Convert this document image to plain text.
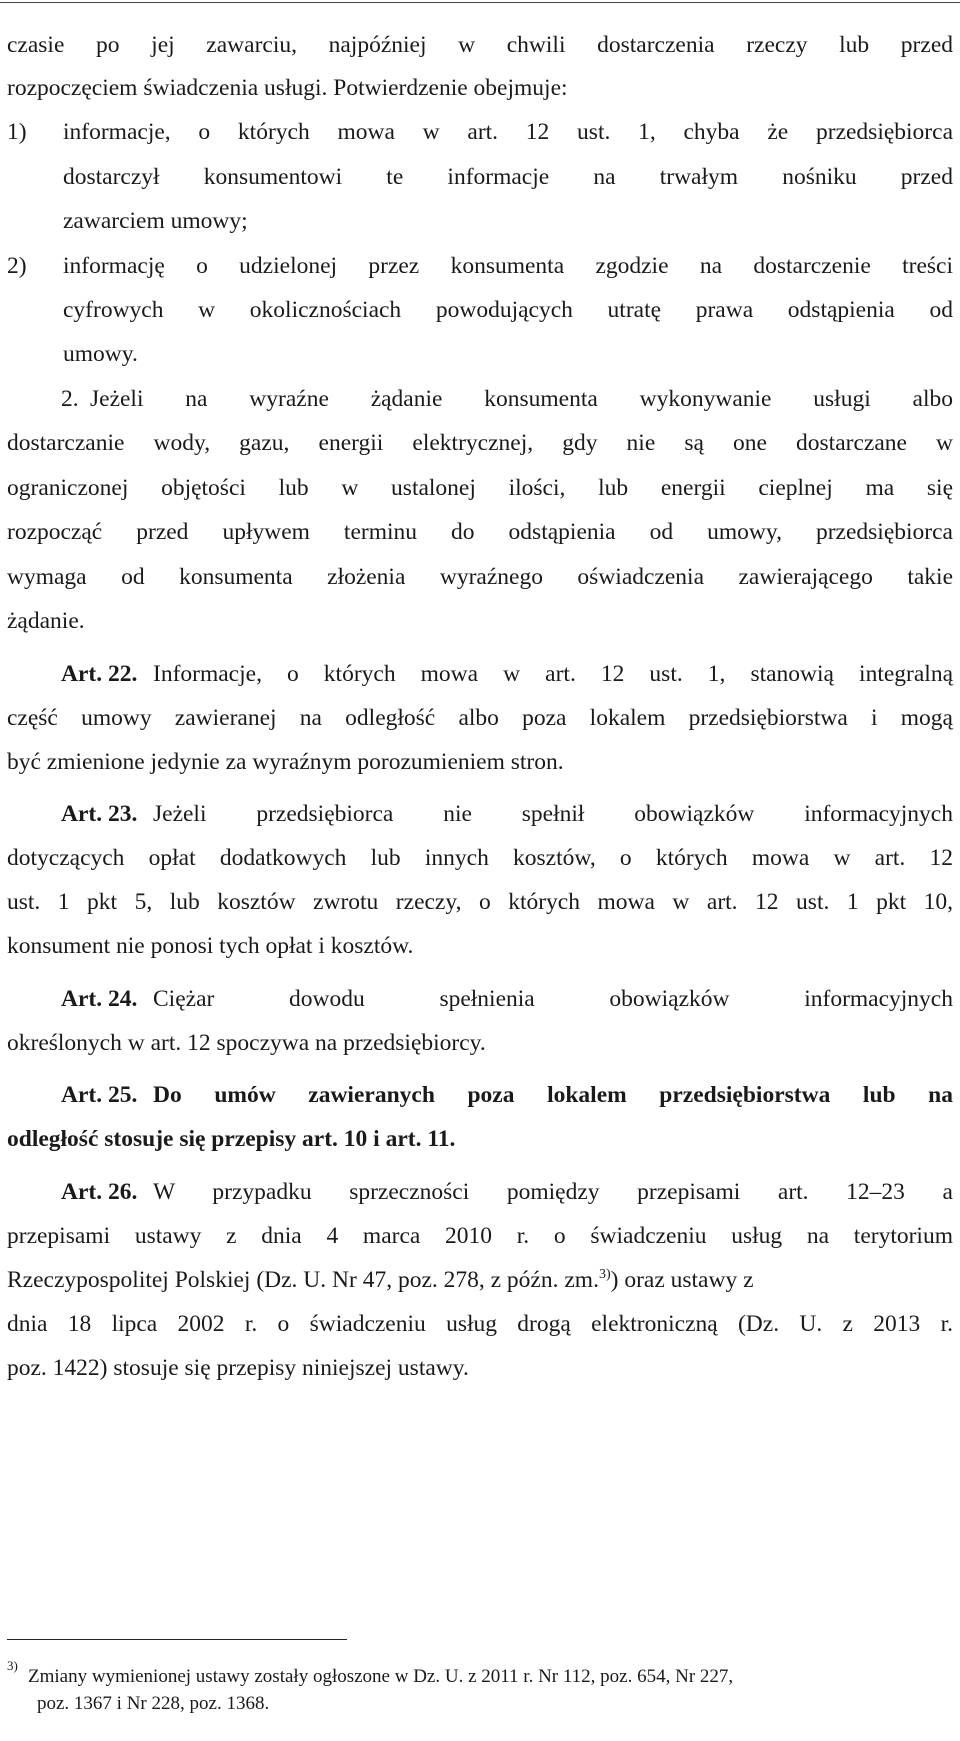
czasie po jej zawarciu, najpóźniej w chwili dostarczenia rzeczy lub przed
rozpoczęciem świadczenia usługi. Potwierdzenie obejmuje:
1)	informacje, o których mowa w art. 12 ust. 1, chyba że przedsiębiorca
dostarczył konsumentowi te informacje na trwałym nośniku przed
zawarciem umowy;
2)	informację o udzielonej przez konsumenta zgodzie na dostarczenie treści
cyfrowych w okolicznościach powodujących utratę prawa odstąpienia od
umowy.
2. Jeżeli na wyraźne żądanie konsumenta wykonywanie usługi albo
dostarczanie wody, gazu, energii elektrycznej, gdy nie są one dostarczane w
ograniczonej objętości lub w ustalonej ilości, lub energii cieplnej ma się
rozpocząć przed upływem terminu do odstąpienia od umowy, przedsiębiorca
wymaga od konsumenta złożenia wyraźnego oświadczenia zawierającego takie
żądanie.
Art. 22. Informacje, o których mowa w art. 12 ust. 1, stanowią integralną
część umowy zawieranej na odległość albo poza lokalem przedsiębiorstwa i mogą
być zmienione jedynie za wyraźnym porozumieniem stron.
Art. 23. Jeżeli przedsiębiorca nie spełnił obowiązków informacyjnych
dotyczących opłat dodatkowych lub innych kosztów, o których mowa w art. 12
ust. 1 pkt 5, lub kosztów zwrotu rzeczy, o których mowa w art. 12 ust. 1 pkt 10,
konsument nie ponosi tych opłat i kosztów.
Art. 24. Ciężar dowodu spełnienia obowiązków informacyjnych
określonych w art. 12 spoczywa na przedsiębiorcy.
Art. 25. Do umów zawieranych poza lokalem przedsiębiorstwa lub na
odległość stosuje się przepisy art. 10 i art. 11.
Art. 26. W przypadku sprzeczności pomiędzy przepisami art. 12–23 a
przepisami ustawy z dnia 4 marca 2010 r. o świadczeniu usług na terytorium
Rzeczypospolitej Polskiej (Dz. U. Nr 47, poz. 278, z późn. zm.$^{3)}$) oraz ustawy z
dnia 18 lipca 2002 r. o świadczeniu usług drogą elektroniczną (Dz. U. z 2013 r.
poz. 1422) stosuje się przepisy niniejszej ustawy.
3)
Zmiany wymienionej ustawy zostały ogłoszone w Dz. U. z 2011 r. Nr 112, poz. 654, Nr 227,
poz. 1367 i Nr 228, poz. 1368.
